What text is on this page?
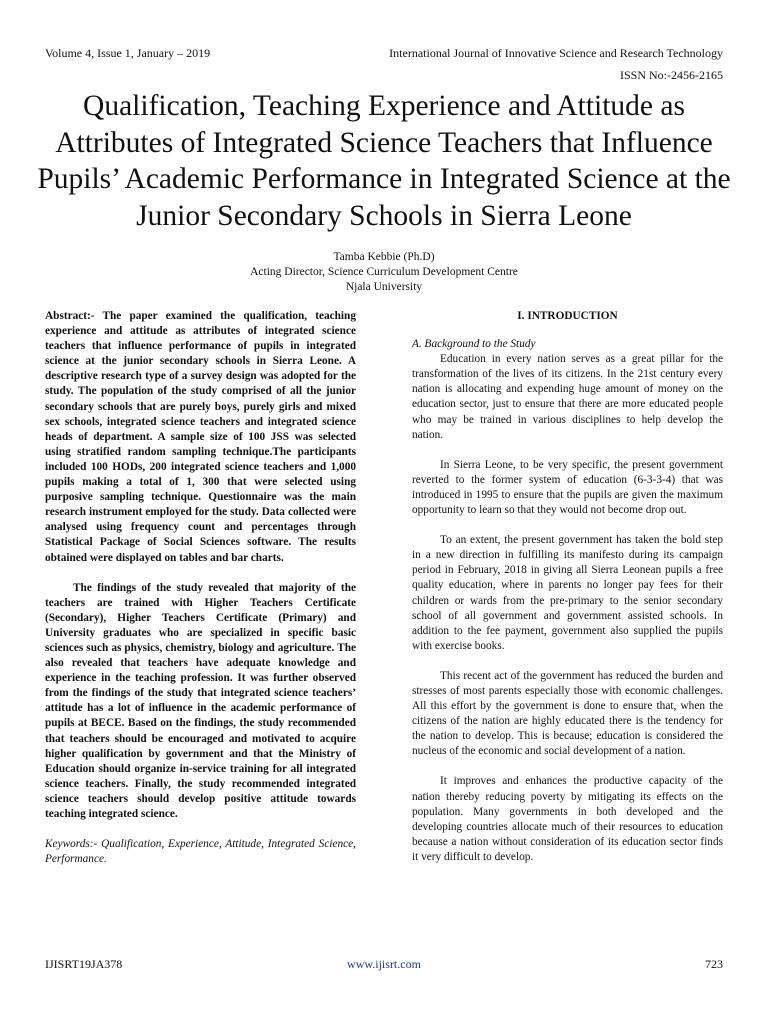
Volume 4, Issue 1, January – 2019	International Journal of Innovative Science and Research Technology
ISSN No:-2456-2165
Qualification, Teaching Experience and Attitude as Attributes of Integrated Science Teachers that Influence Pupils’ Academic Performance in Integrated Science at the Junior Secondary Schools in Sierra Leone
Tamba Kebbie (Ph.D)
Acting Director, Science Curriculum Development Centre
Njala University

Abstract:- The paper examined the qualification, teaching experience and attitude as attributes of integrated science teachers that influence performance of pupils in integrated science at the junior secondary schools in Sierra Leone. A descriptive research type of a survey design was adopted for the study. The population of the study comprised of all the junior secondary schools that are purely boys, purely girls and mixed sex schools, integrated science teachers and integrated science heads of department. A sample size of 100 JSS was selected using stratified random sampling technique.The participants included 100 HODs, 200 integrated science teachers and 1,000 pupils making a total of 1, 300 that were selected using purposive sampling technique. Questionnaire was the main research instrument employed for the study. Data collected were analysed using frequency count and percentages through Statistical Package of Social Sciences software. The results obtained were displayed on tables and bar charts.

The findings of the study revealed that majority of the teachers are trained with Higher Teachers Certificate (Secondary), Higher Teachers Certificate (Primary) and University graduates who are specialized in specific basic sciences such as physics, chemistry, biology and agriculture. The also revealed that teachers have adequate knowledge and experience in the teaching profession. It was further observed from the findings of the study that integrated science teachers’ attitude has a lot of influence in the academic performance of pupils at BECE. Based on the findings, the study recommended that teachers should be encouraged and motivated to acquire higher qualification by government and that the Ministry of Education should organize in-service training for all integrated science teachers. Finally, the study recommended integrated science teachers should develop positive attitude towards teaching integrated science.

Keywords:- Qualification, Experience, Attitude, Integrated Science, Performance.

I. INTRODUCTION

A. Background to the Study

Education in every nation serves as a great pillar for the transformation of the lives of its citizens. In the 21st century every nation is allocating and expending huge amount of money on the education sector, just to ensure that there are more educated people who may be trained in various disciplines to help develop the nation.

In Sierra Leone, to be very specific, the present government reverted to the former system of education (6-3-3-4) that was introduced in 1995 to ensure that the pupils are given the maximum opportunity to learn so that they would not become drop out.

To an extent, the present government has taken the bold step in a new direction in fulfilling its manifesto during its campaign period in February, 2018 in giving all Sierra Leonean pupils a free quality education, where in parents no longer pay fees for their children or wards from the pre-primary to the senior secondary school of all government and government assisted schools. In addition to the fee payment, government also supplied the pupils with exercise books.

This recent act of the government has reduced the burden and stresses of most parents especially those with economic challenges. All this effort by the government is done to ensure that, when the citizens of the nation are highly educated there is the tendency for the nation to develop. This is because; education is considered the nucleus of the economic and social development of a nation.

It improves and enhances the productive capacity of the nation thereby reducing poverty by mitigating its effects on the population. Many governments in both developed and the developing countries allocate much of their resources to education because a nation without consideration of its education sector finds it very difficult to develop.

IJISRT19JA378	www.ijisrt.com	723
